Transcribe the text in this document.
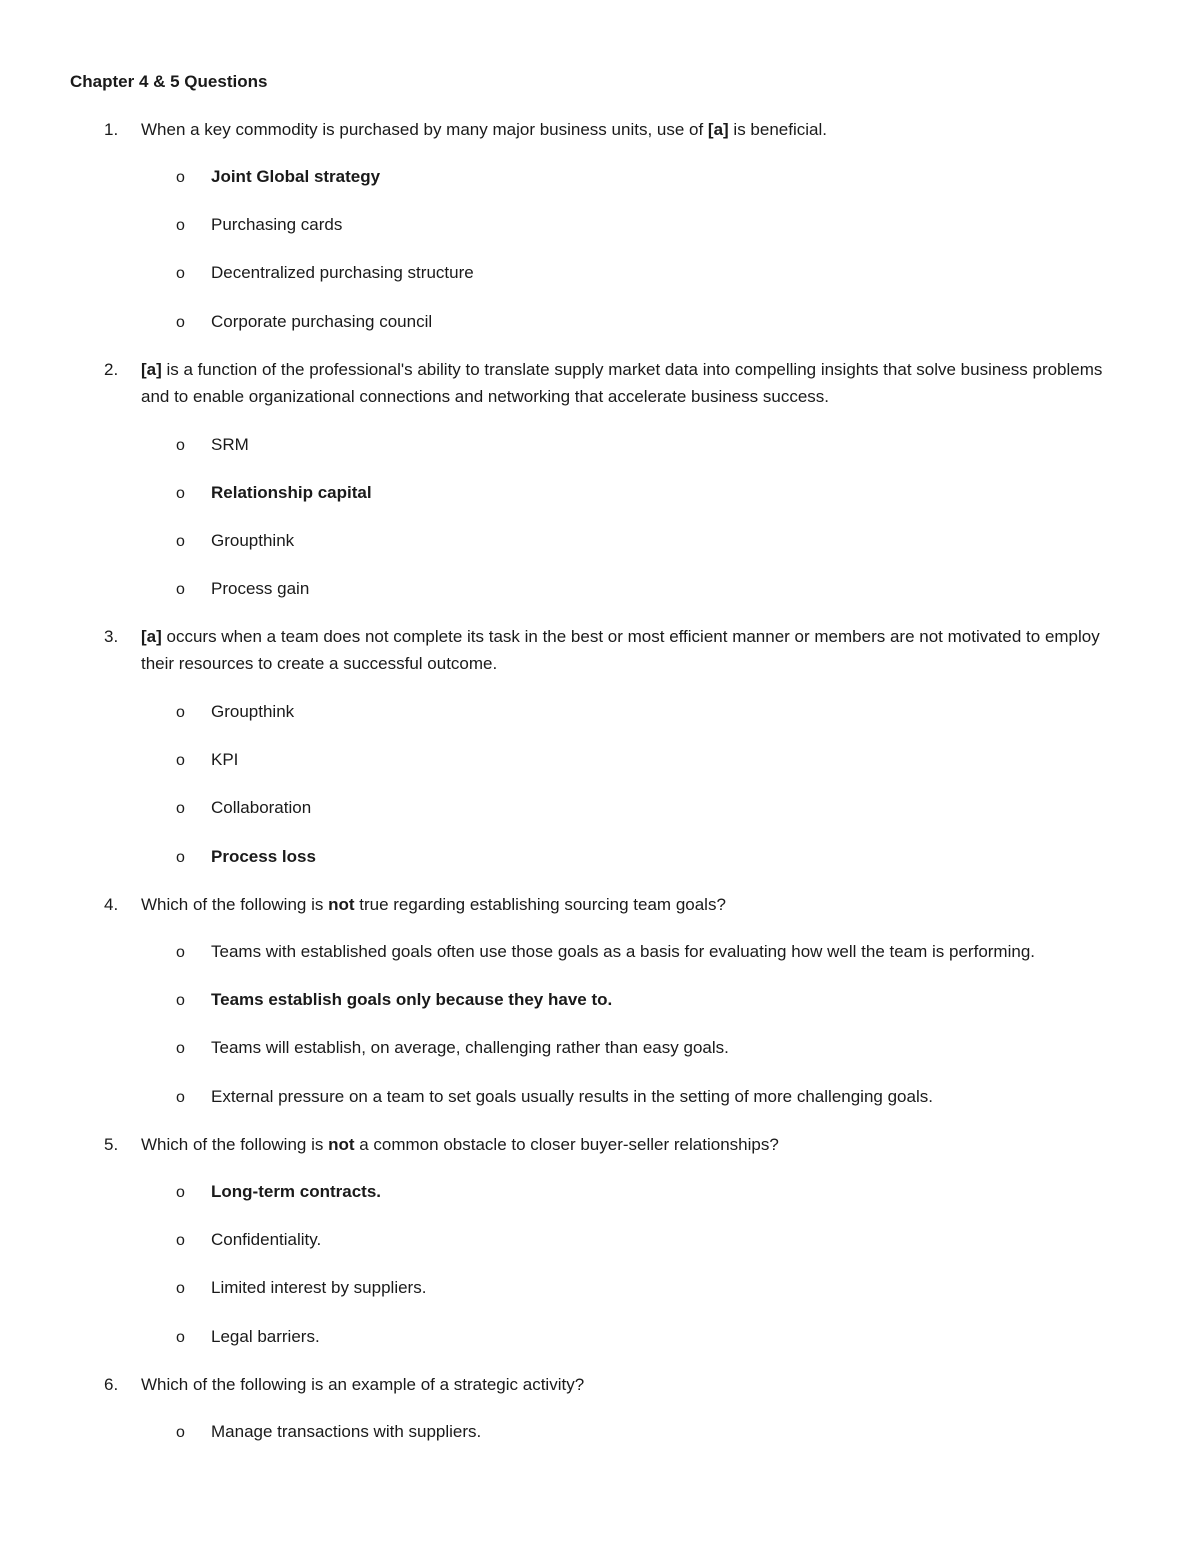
Chapter 4 & 5 Questions
1.	When a key commodity is purchased by many major business units, use of [a] is beneficial.
o Joint Global strategy
o Purchasing cards
o Decentralized purchasing structure
o Corporate purchasing council
2.	[a] is a function of the professional's ability to translate supply market data into compelling insights that solve business problems and to enable organizational connections and networking that accelerate business success.
o SRM
o Relationship capital
o Groupthink
o Process gain
3.	[a] occurs when a team does not complete its task in the best or most efficient manner or members are not motivated to employ their resources to create a successful outcome.
o Groupthink
o KPI
o Collaboration
o Process loss
4.	Which of the following is not true regarding establishing sourcing team goals?
o Teams with established goals often use those goals as a basis for evaluating how well the team is performing.
o Teams establish goals only because they have to.
o Teams will establish, on average, challenging rather than easy goals.
o External pressure on a team to set goals usually results in the setting of more challenging goals.
5.	Which of the following is not a common obstacle to closer buyer-seller relationships?
o Long-term contracts.
o Confidentiality.
o Limited interest by suppliers.
o Legal barriers.
6.	Which of the following is an example of a strategic activity?
o Manage transactions with suppliers.
